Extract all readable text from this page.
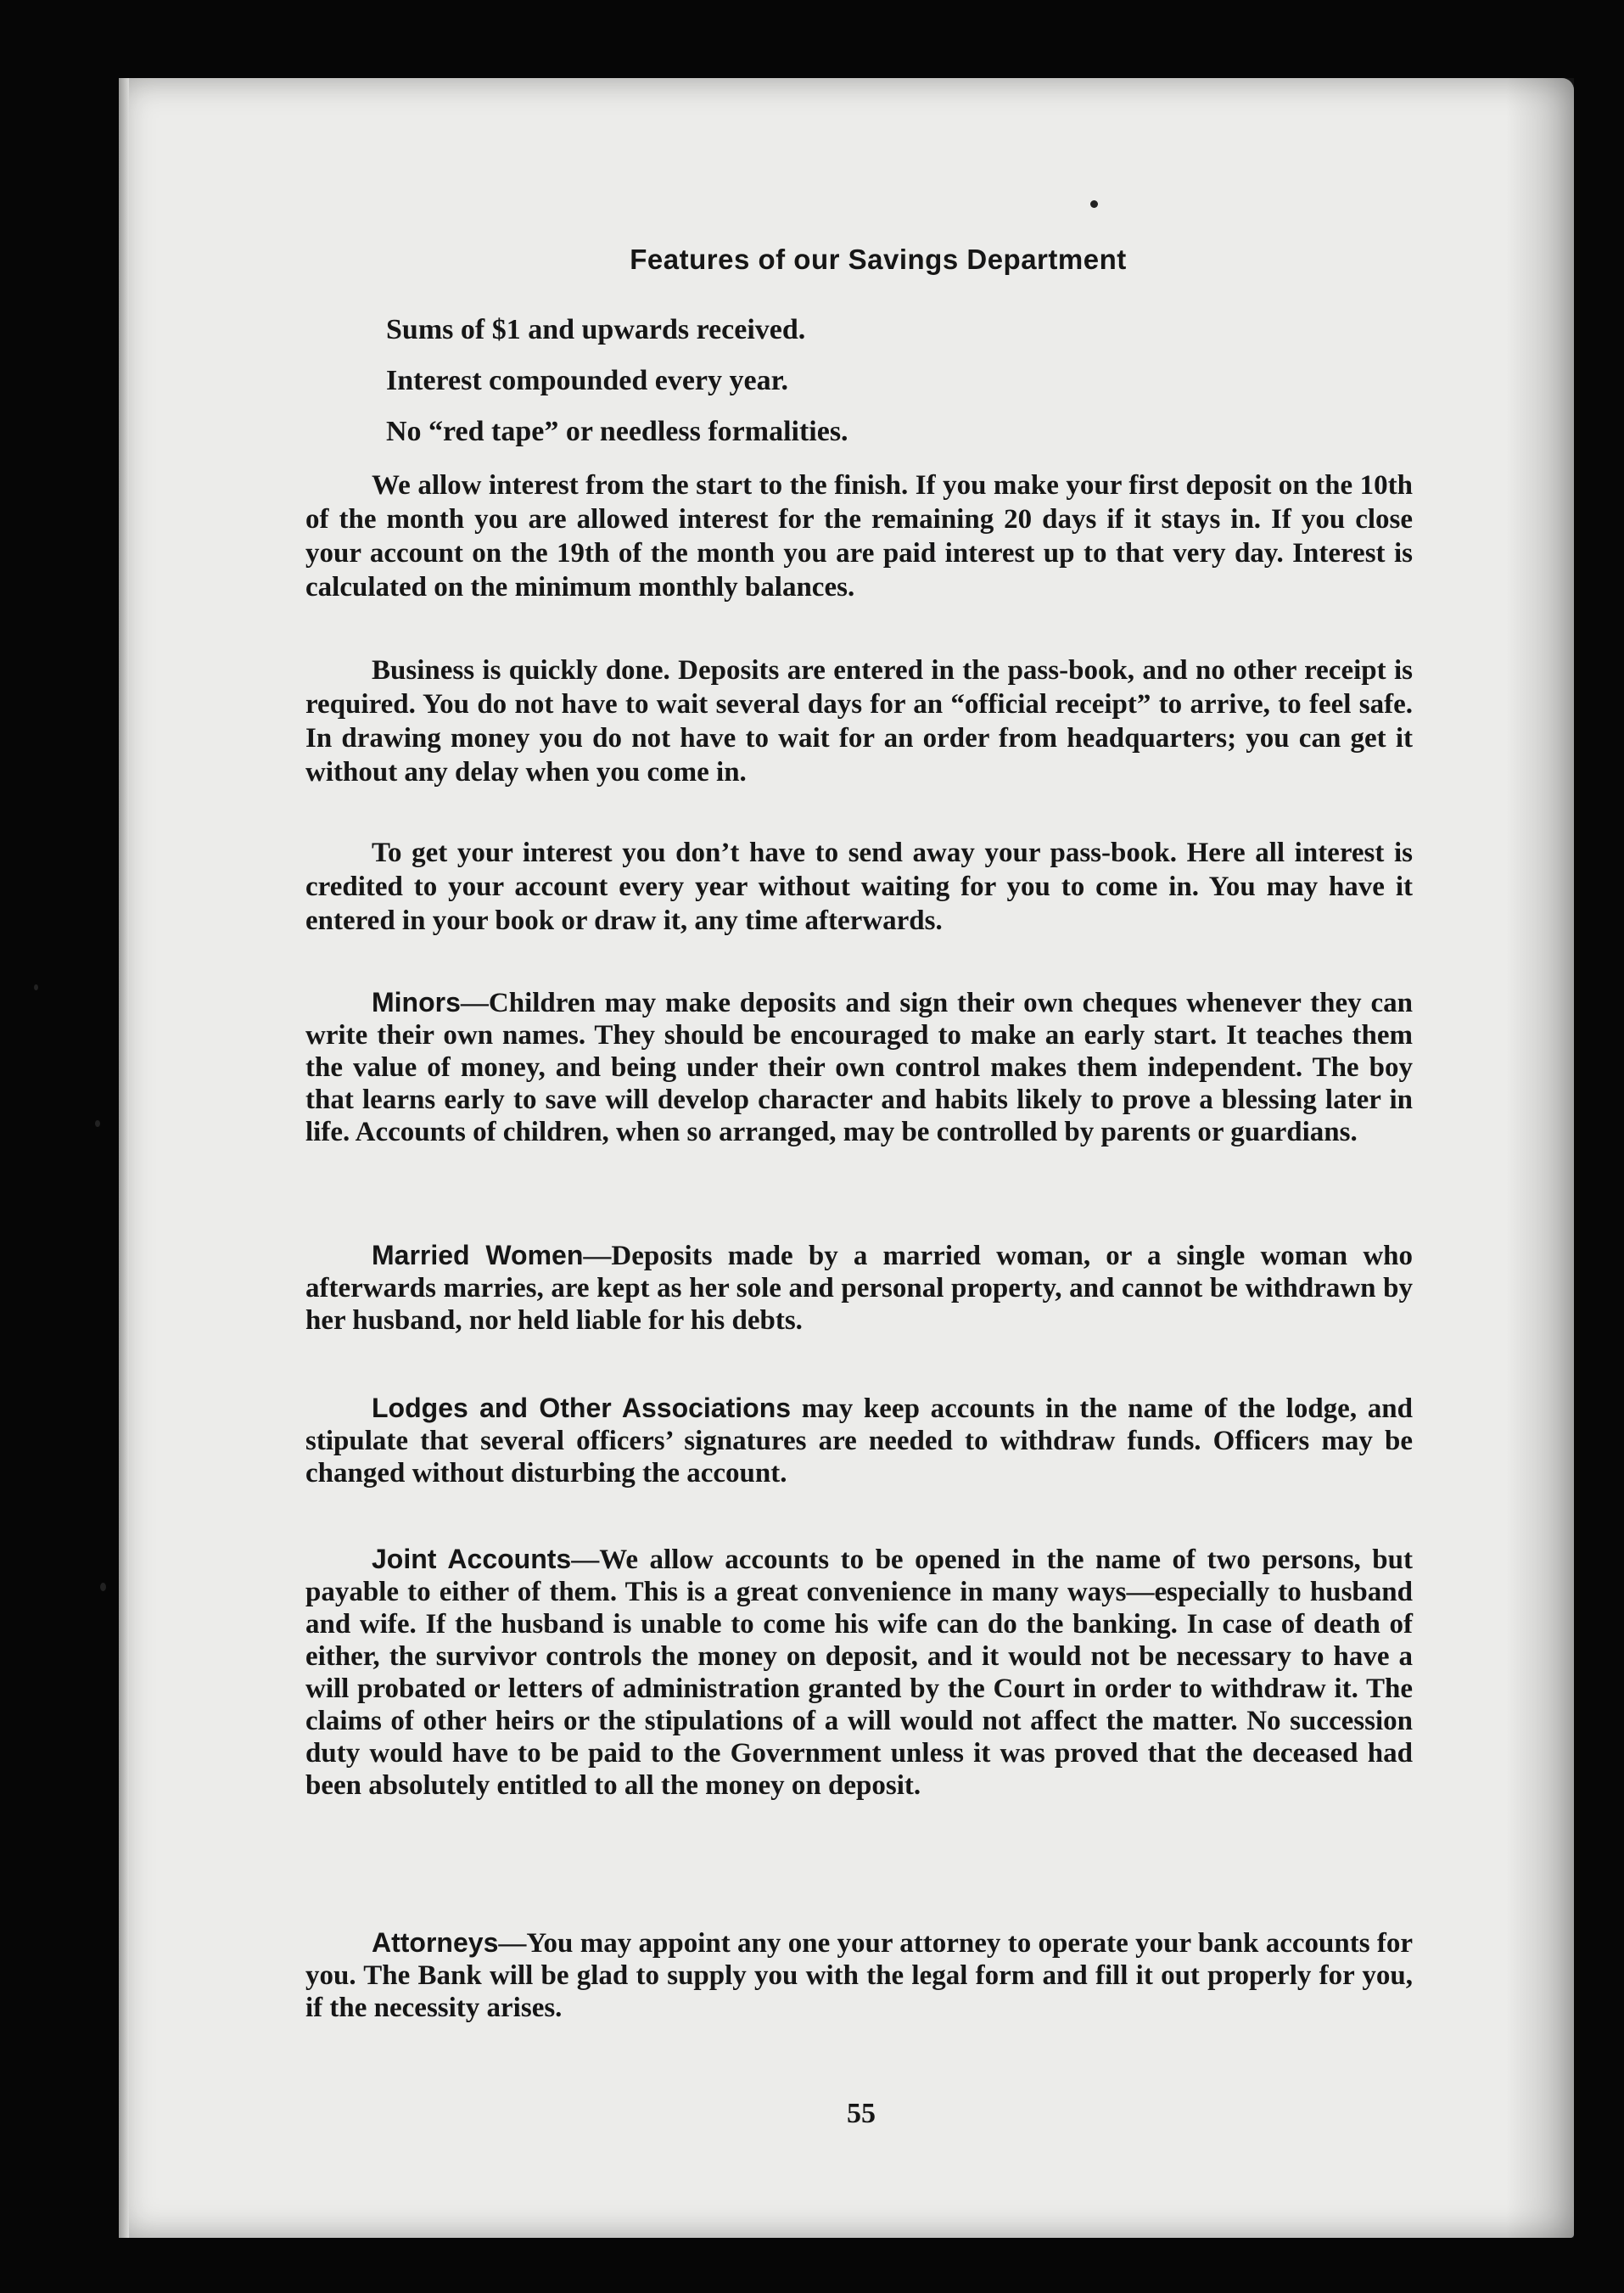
Features of our Savings Department
Sums of $1 and upwards received.
Interest compounded every year.
No “red tape” or needless formalities.
We allow interest from the start to the finish. If you make your first deposit on the 10th of the month you are allowed interest for the remaining 20 days if it stays in. If you close your account on the 19th of the month you are paid interest up to that very day. Interest is calculated on the minimum monthly balances.
Business is quickly done. Deposits are entered in the pass-book, and no other receipt is required. You do not have to wait several days for an “official receipt” to arrive, to feel safe. In drawing money you do not have to wait for an order from headquarters; you can get it without any delay when you come in.
To get your interest you don’t have to send away your pass-book. Here all interest is credited to your account every year without waiting for you to come in. You may have it entered in your book or draw it, any time afterwards.
Minors—Children may make deposits and sign their own cheques whenever they can write their own names. They should be encouraged to make an early start. It teaches them the value of money, and being under their own control makes them independent. The boy that learns early to save will develop character and habits likely to prove a blessing later in life. Accounts of children, when so arranged, may be controlled by parents or guardians.
Married Women—Deposits made by a married woman, or a single woman who afterwards marries, are kept as her sole and personal property, and cannot be withdrawn by her husband, nor held liable for his debts.
Lodges and Other Associations may keep accounts in the name of the lodge, and stipulate that several officers’ signatures are needed to withdraw funds. Officers may be changed without disturbing the account.
Joint Accounts—We allow accounts to be opened in the name of two persons, but payable to either of them. This is a great convenience in many ways—especially to husband and wife. If the husband is unable to come his wife can do the banking. In case of death of either, the survivor controls the money on deposit, and it would not be necessary to have a will probated or letters of administration granted by the Court in order to withdraw it. The claims of other heirs or the stipulations of a will would not affect the matter. No succession duty would have to be paid to the Government unless it was proved that the deceased had been absolutely entitled to all the money on deposit.
Attorneys—You may appoint any one your attorney to operate your bank accounts for you. The Bank will be glad to supply you with the legal form and fill it out properly for you, if the necessity arises.
55
